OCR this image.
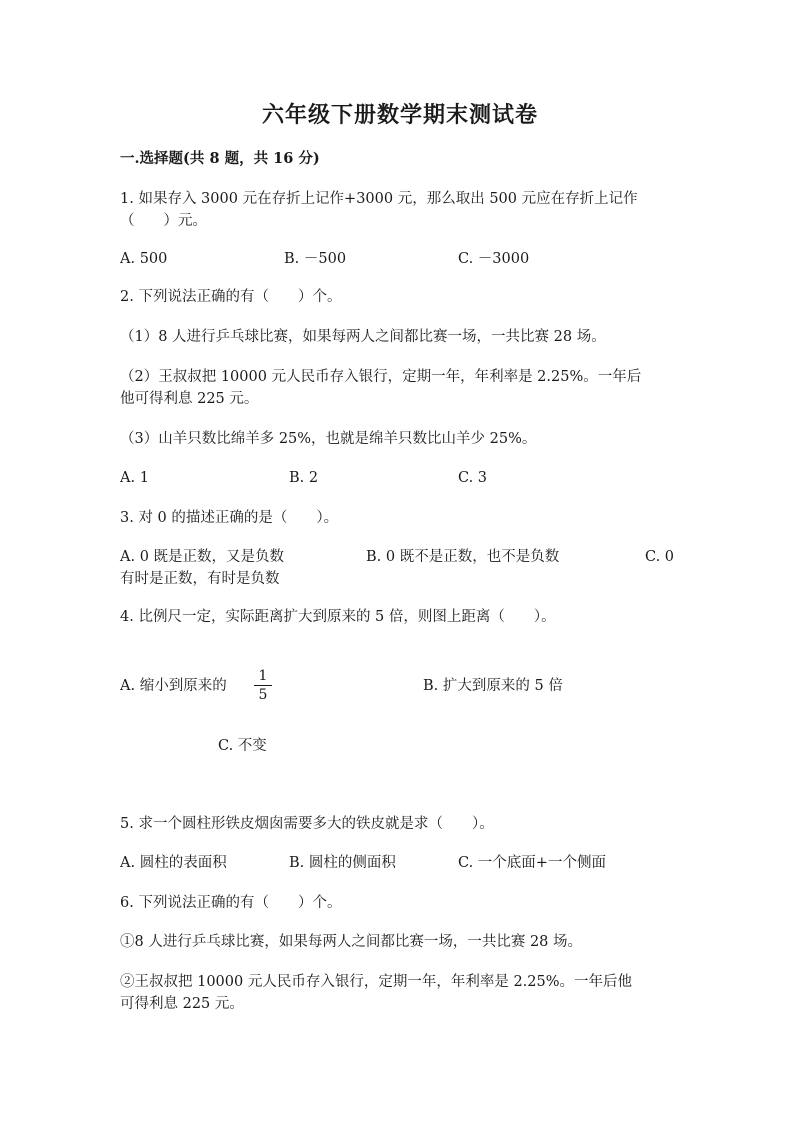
六年级下册数学期末测试卷
一.选择题(共 8 题，共 16 分)
1. 如果存入 3000 元在存折上记作+3000 元，那么取出 500 元应在存折上记作
（　　）元。
A. 500	B. －500	C. －3000
2. 下列说法正确的有（　　）个。
（1）8 人进行乒乓球比赛，如果每两人之间都比赛一场，一共比赛 28 场。
（2）王叔叔把 10000 元人民币存入银行，定期一年，年利率是 2.25%。一年后
他可得利息 225 元。
（3）山羊只数比绵羊多 25%，也就是绵羊只数比山羊少 25%。
A. 1	B. 2	C. 3
3. 对 0 的描述正确的是（　　）。
A. 0 既是正数，又是负数	B. 0 既不是正数，也不是负数	C. 0
有时是正数，有时是负数
4. 比例尺一定，实际距离扩大到原来的 5 倍，则图上距离（　　）。
A. 缩小到原来的 $\frac{1}{5}$	B. 扩大到原来的 5 倍
C. 不变
5. 求一个圆柱形铁皮烟囱需要多大的铁皮就是求（　　）。
A. 圆柱的表面积	B. 圆柱的侧面积	C. 一个底面+一个侧面
6. 下列说法正确的有（　　）个。
①8 人进行乒乓球比赛，如果每两人之间都比赛一场，一共比赛 28 场。
②王叔叔把 10000 元人民币存入银行，定期一年，年利率是 2.25%。一年后他
可得利息 225 元。
